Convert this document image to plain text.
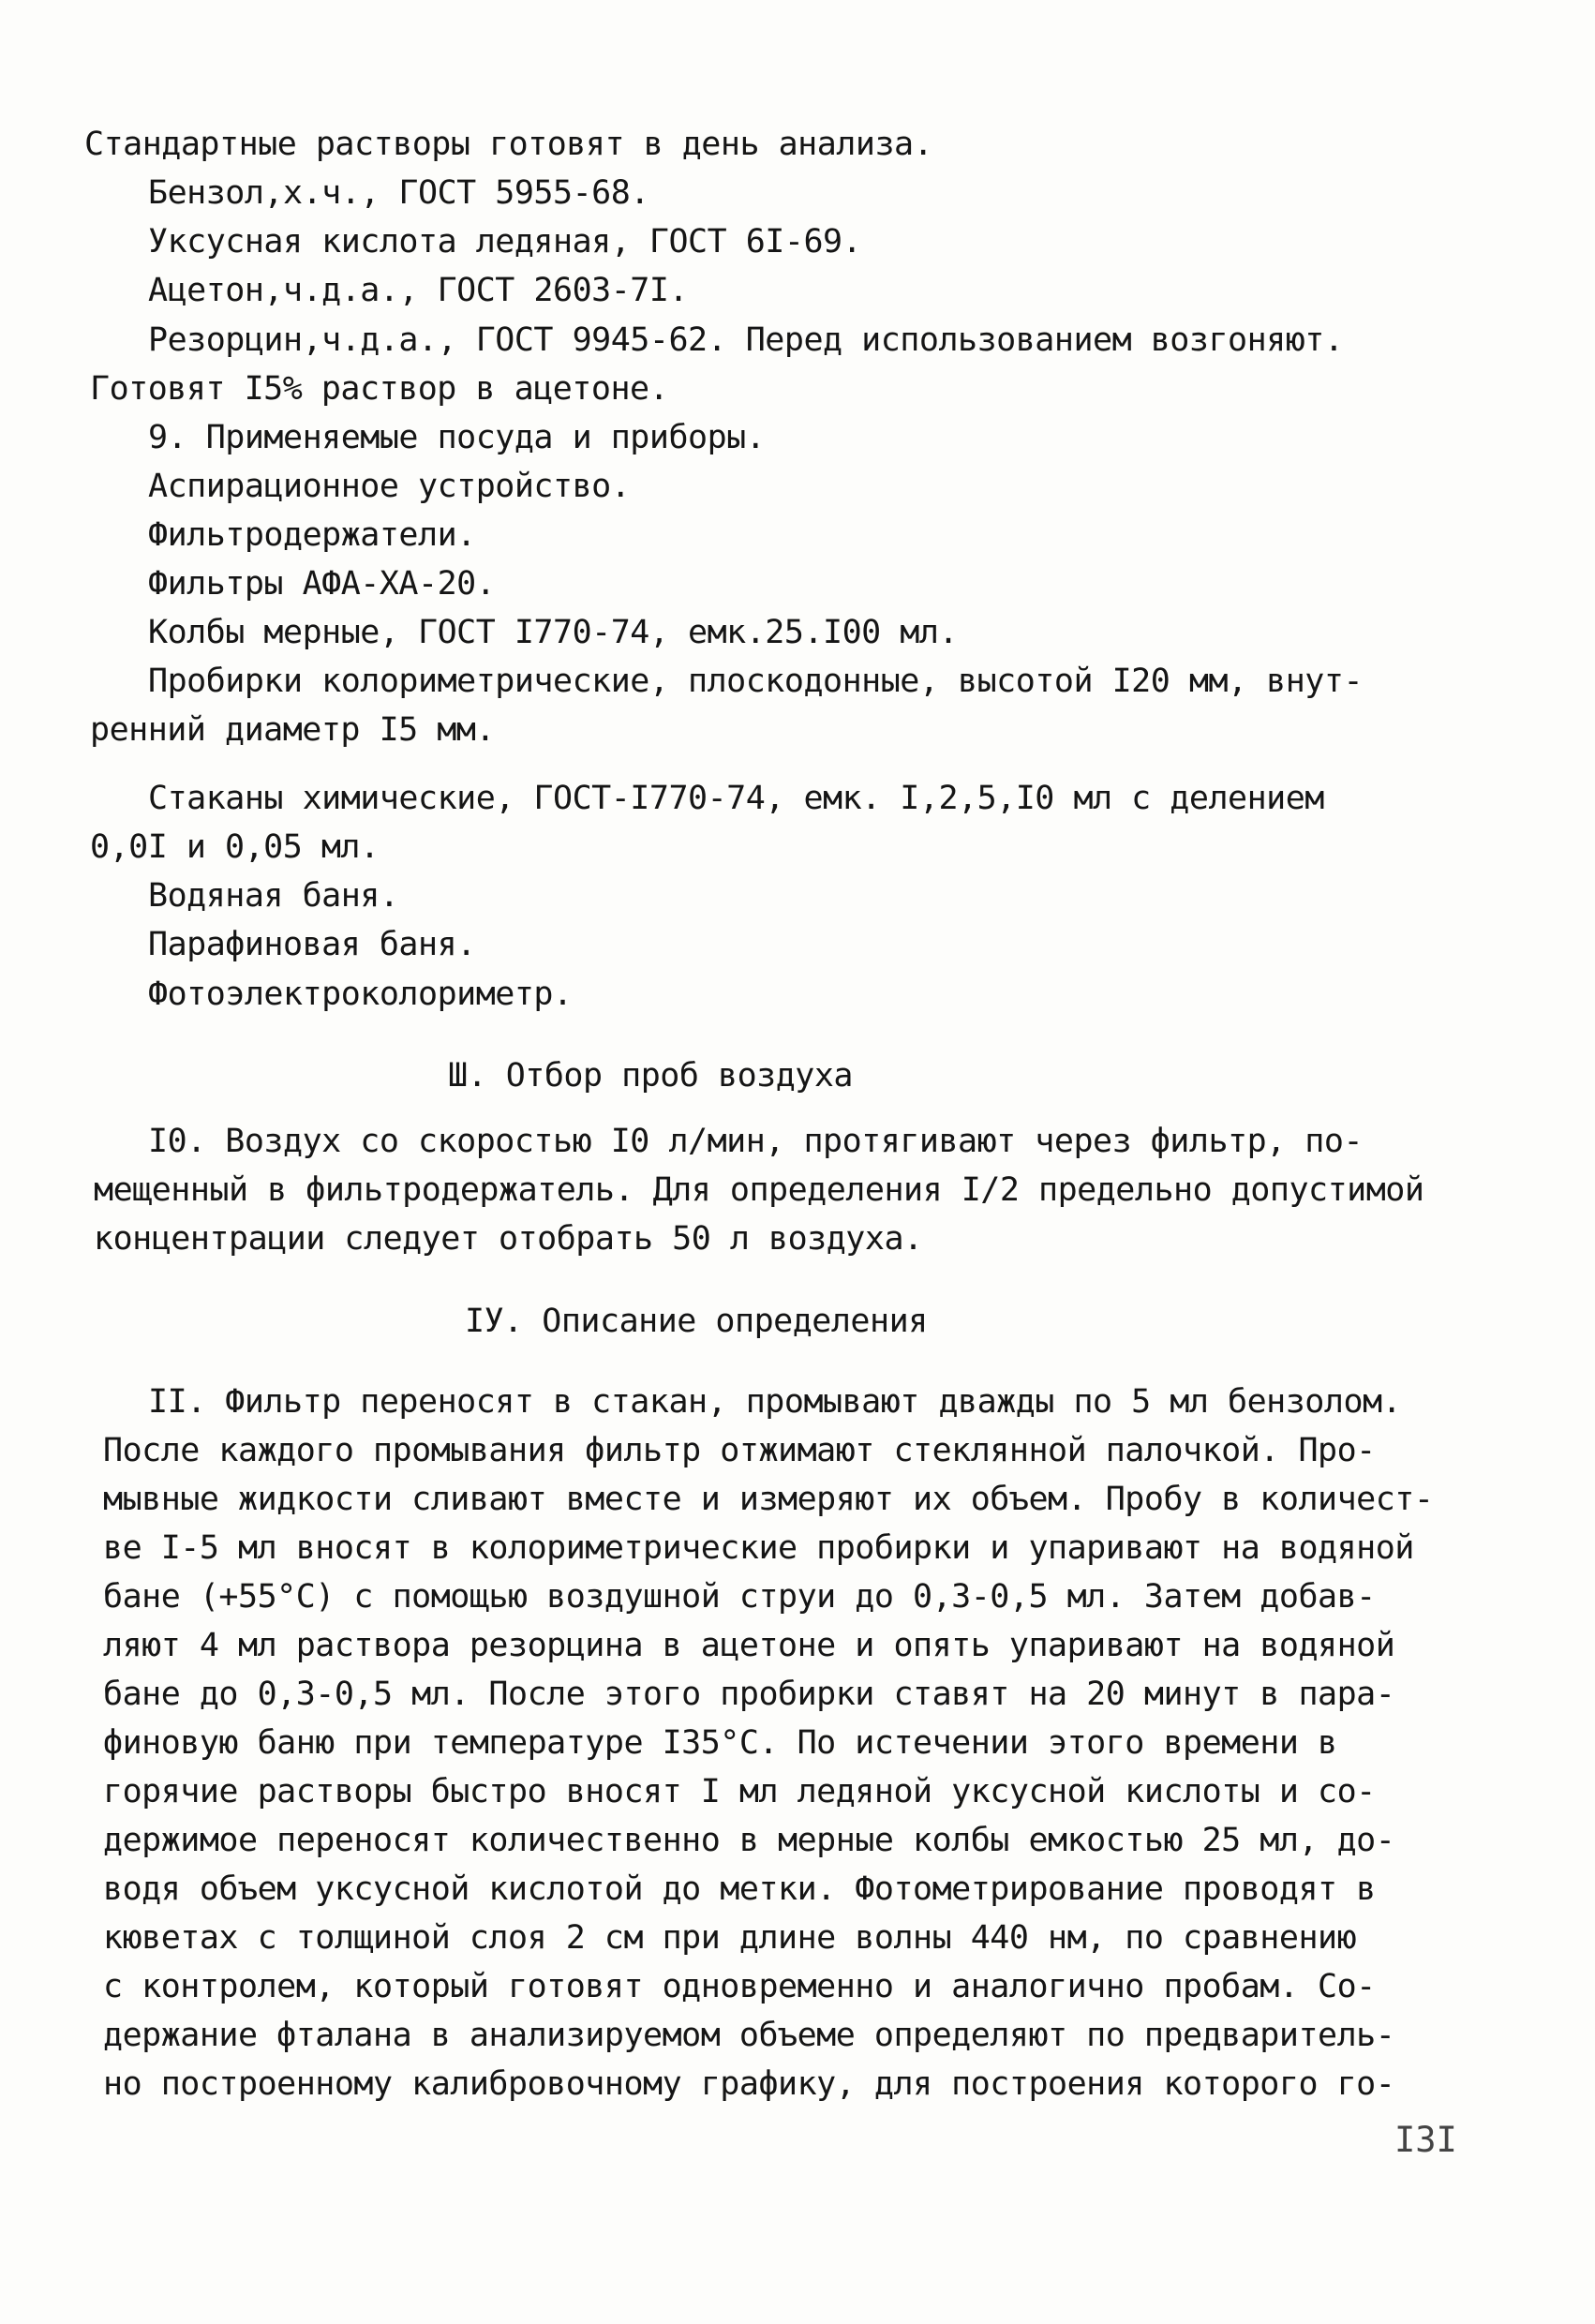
Стандартные растворы готовят в день анализа.
Бензол,х.ч., ГОСТ 5955-68.
Уксусная кислота ледяная, ГОСТ 6I-69.
Ацетон,ч.д.а., ГОСТ 2603-7I.
Резорцин,ч.д.а., ГОСТ 9945-62. Перед использованием возгоняют.
Готовят I5% раствор в ацетоне.
9. Применяемые посуда и приборы.
Аспирационное устройство.
Фильтродержатели.
Фильтры АФА-ХА-20.
Колбы мерные, ГОСТ I770-74, емк.25.I00 мл.
Пробирки колориметрические, плоскодонные, высотой I20 мм, внут-
ренний диаметр I5 мм.
Стаканы химические, ГОСТ-I770-74, емк. I,2,5,I0 мл с делением
0,0I и 0,05 мл.
Водяная баня.
Парафиновая баня.
Фотоэлектроколориметр.
Ш. Отбор проб воздуха
I0. Воздух со скоростью I0 л/мин, протягивают через фильтр, по-
мещенный в фильтродержатель. Для определения I/2 предельно допустимой
концентрации следует отобрать 50 л воздуха.
IУ. Описание определения
II. Фильтр переносят в стакан, промывают дважды по 5 мл бензолом.
После каждого промывания фильтр отжимают стеклянной палочкой. Про-
мывные жидкости сливают вместе и измеряют их объем. Пробу в количест-
ве I-5 мл вносят в колориметрические пробирки и упаривают на водяной
бане (+55°С) с помощью воздушной струи до 0,3-0,5 мл. Затем добав-
ляют 4 мл раствора резорцина в ацетоне и опять упаривают на водяной
бане до 0,3-0,5 мл. После этого пробирки ставят на 20 минут в пара-
финовую баню при температуре I35°С. По истечении этого времени в
горячие растворы быстро вносят I мл ледяной уксусной кислоты и со-
держимое переносят количественно в мерные колбы емкостью 25 мл, до-
водя объем уксусной кислотой до метки. Фотометрирование проводят в
кюветах с толщиной слоя 2 см при длине волны 440 нм, по сравнению
с контролем, который готовят одновременно и аналогично пробам. Со-
держание фталана в анализируемом объеме определяют по предваритель-
но построенному калибровочному графику, для построения которого го-
I3I
